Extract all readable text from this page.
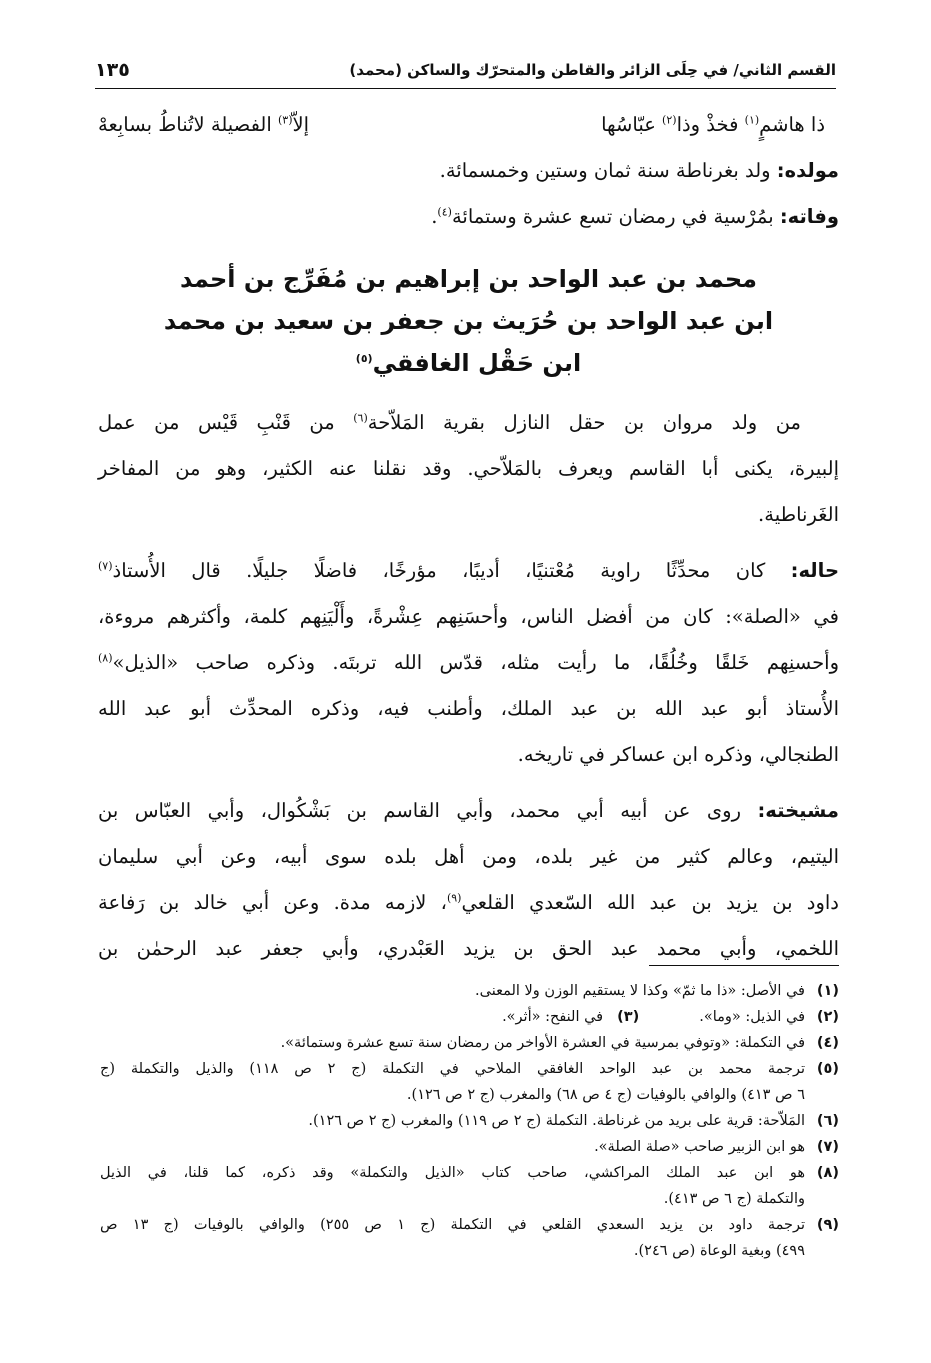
القسم الثاني/ في حِلَى الزائر والقاطن والمتحرّك والساكن (محمد)
١٣٥
ذا هاشمٍ$^{(١)}$ فخذْ وذا$^{(٢)}$ عبّاسُها
إلاّ$^{(٣)}$ الفصيلة لاتُناطُ بسابِعهْ
مولده: ولد بغرناطة سنة ثمان وستين وخمسمائة.
وفاته: بمُرْسية في رمضان تسع عشرة وستمائة$^{(٤)}$.
محمد بن عبد الواحد بن إبراهيم بن مُفَرِّج بن أحمد
ابن عبد الواحد بن حُرَيث بن جعفر بن سعيد بن محمد
ابن حَقْل الغافقي$^{(٥)}$
من ولد مروان بن حقل النازل بقرية المَلاّحة$^{(٦)}$ من قَنْبِ قَيْس من عمل
إلبيرة، يكنى أبا القاسم ويعرف بالمَلاّحي. وقد نقلنا عنه الكثير، وهو من المفاخر
الغَرناطية.
حاله: كان محدِّثًا راوية مُعْتنيًا، أديبًا، مؤرخًا، فاضلًا جليلًا. قال الأُستاذ$^{(٧)}$
في «الصلة»: كان من أفضل الناس، وأحسَنِهم عِشْرةً، وأَلْيَنِهم كلمة، وأكثرهم مروءة،
وأحسنِهم خَلقًا وخُلُقًا، ما رأيت مثله، قدّس الله تربتَه. وذكره صاحب «الذيل»$^{(٨)}$
الأُستاذ أبو عبد الله بن عبد الملك، وأطنب فيه، وذكره المحدِّث أبو عبد الله
الطنجالي، وذكره ابن عساكر في تاريخه.
مشيخته: روى عن أبيه أبي محمد، وأبي القاسم بن بَشْكُوال، وأبي العبّاس بن
اليتيم، وعالم كثير من غير بلده، ومن أهل بلده سوى أبيه، وعن أبي سليمان
داود بن يزيد بن عبد الله السّعدي القلعي$^{(٩)}$، لازمه مدة. وعن أبي خالد بن رَفاعة
اللخمي، وأبي محمد عبد الحق بن يزيد العَبْدري، وأبي جعفر عبد الرحمٰن بن
(١)
في الأصل: «ذا ما ثمّ» وكذا لا يستقيم الوزن ولا المعنى.
(٢)
في الذيل: «وما».(٣)في النفح: «أثر».
(٤)
في التكملة: «وتوفي بمرسية في العشرة الأواخر من رمضان سنة تسع عشرة وستمائة».
(٥)
ترجمة محمد بن عبد الواحد الغافقي الملاحي في التكملة (ج ٢ ص ١١٨) والذيل والتكملة (ج
٦ ص ٤١٣) والوافي بالوفيات (ج ٤ ص ٦٨) والمغرب (ج ٢ ص ١٢٦).
(٦)
المَلاّحة: قرية على بريد من غرناطة. التكملة (ج ٢ ص ١١٩) والمغرب (ج ٢ ص ١٢٦).
(٧)
هو ابن الزبير صاحب «صلة الصلة».
(٨)
هو ابن عبد الملك المراكشي، صاحب كتاب «الذيل والتكملة» وقد ذكره، كما قلنا، في الذيل
والتكملة (ج ٦ ص ٤١٣).
(٩)
ترجمة داود بن يزيد السعدي القلعي في التكملة (ج ١ ص ٢٥٥) والوافي بالوفيات (ج ١٣ ص
٤٩٩) وبغية الوعاة (ص ٢٤٦).
